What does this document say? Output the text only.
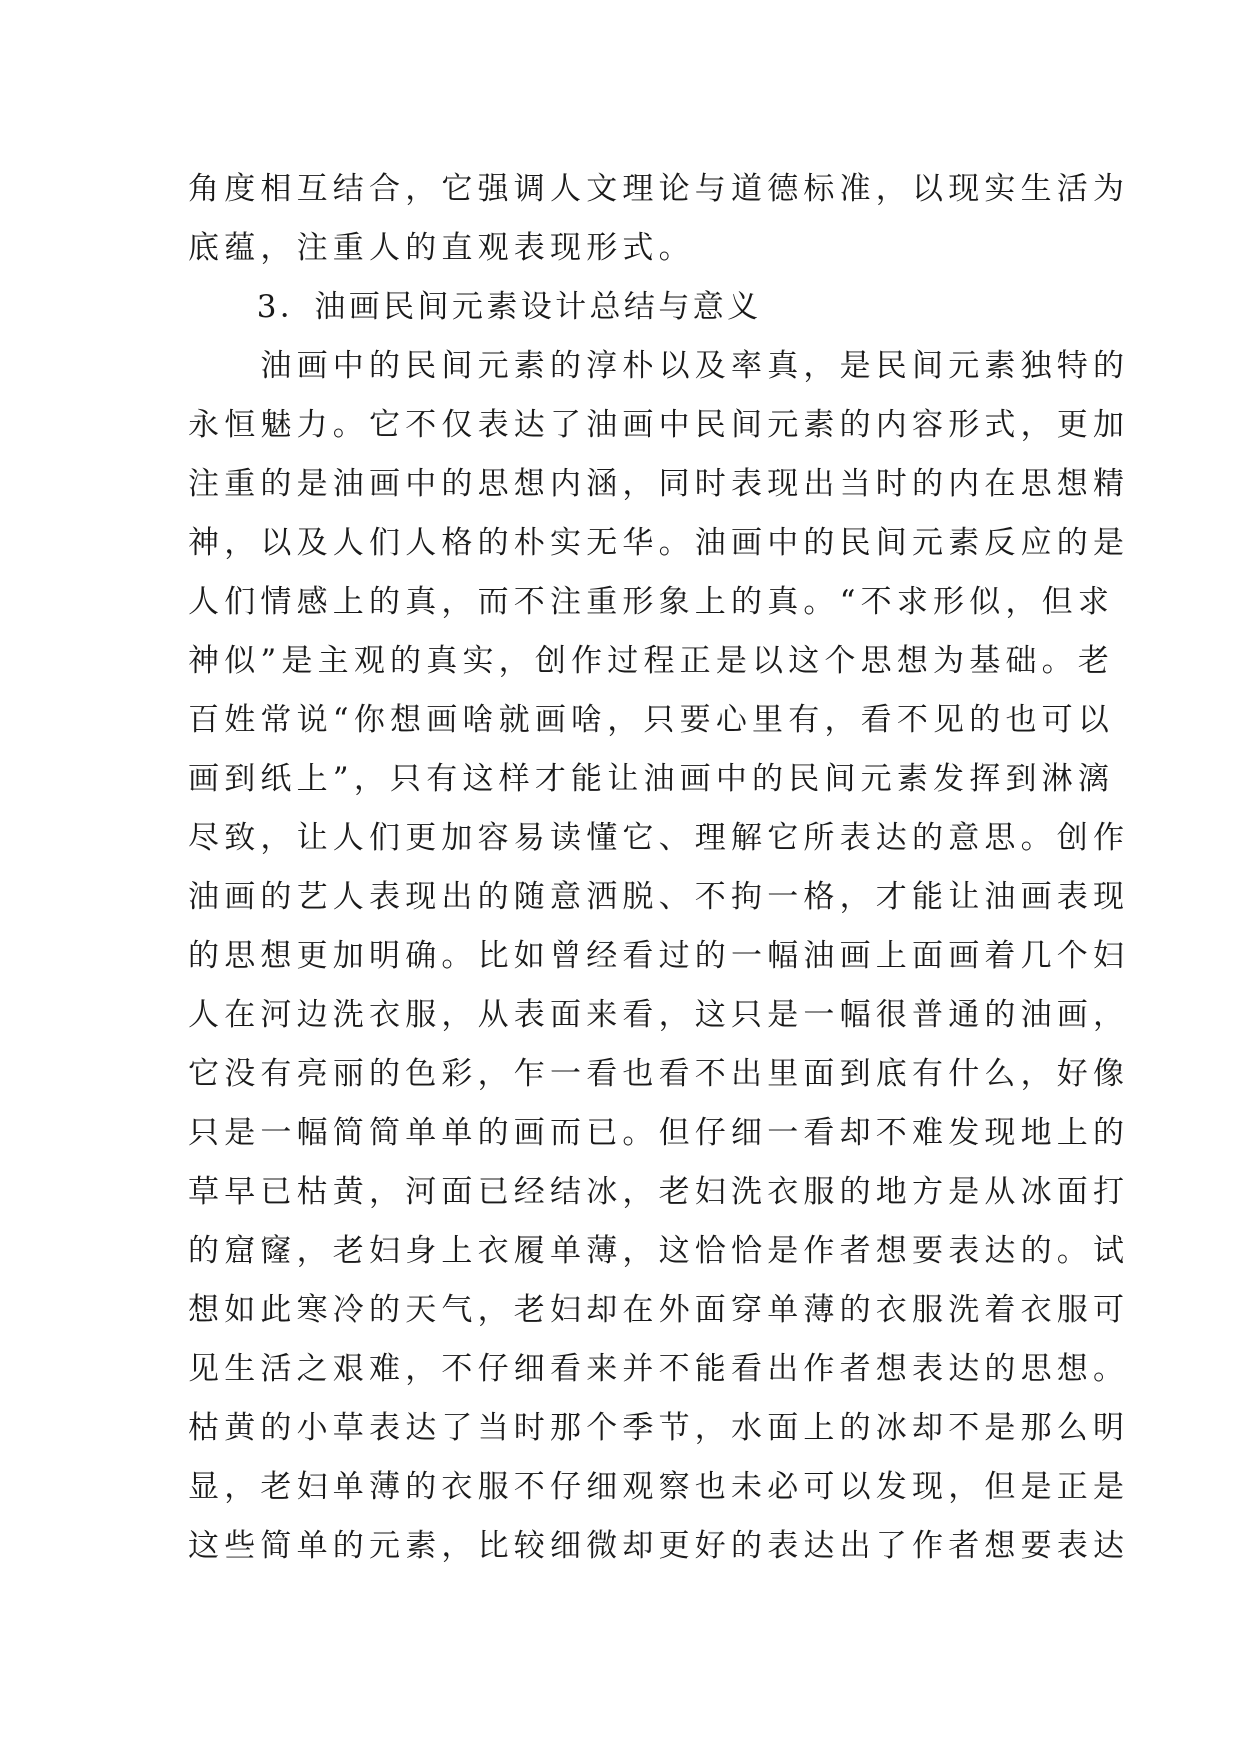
角度相互结合，它强调人文理论与道德标准，以现实生活为
底蕴，注重人的直观表现形式。
　　3．油画民间元素设计总结与意义
　　油画中的民间元素的淳朴以及率真，是民间元素独特的
永恒魅力。它不仅表达了油画中民间元素的内容形式，更加
注重的是油画中的思想内涵，同时表现出当时的内在思想精
神，以及人们人格的朴实无华。油画中的民间元素反应的是
人们情感上的真，而不注重形象上的真。“不求形似，但求
神似”是主观的真实，创作过程正是以这个思想为基础。老
百姓常说“你想画啥就画啥，只要心里有，看不见的也可以
画到纸上”，只有这样才能让油画中的民间元素发挥到淋漓
尽致，让人们更加容易读懂它、理解它所表达的意思。创作
油画的艺人表现出的随意洒脱、不拘一格，才能让油画表现
的思想更加明确。比如曾经看过的一幅油画上面画着几个妇
人在河边洗衣服，从表面来看，这只是一幅很普通的油画，
它没有亮丽的色彩，乍一看也看不出里面到底有什么，好像
只是一幅简简单单的画而已。但仔细一看却不难发现地上的
草早已枯黄，河面已经结冰，老妇洗衣服的地方是从冰面打
的窟窿，老妇身上衣履单薄，这恰恰是作者想要表达的。试
想如此寒冷的天气，老妇却在外面穿单薄的衣服洗着衣服可
见生活之艰难，不仔细看来并不能看出作者想表达的思想。
枯黄的小草表达了当时那个季节，水面上的冰却不是那么明
显，老妇单薄的衣服不仔细观察也未必可以发现，但是正是
这些简单的元素，比较细微却更好的表达出了作者想要表达
